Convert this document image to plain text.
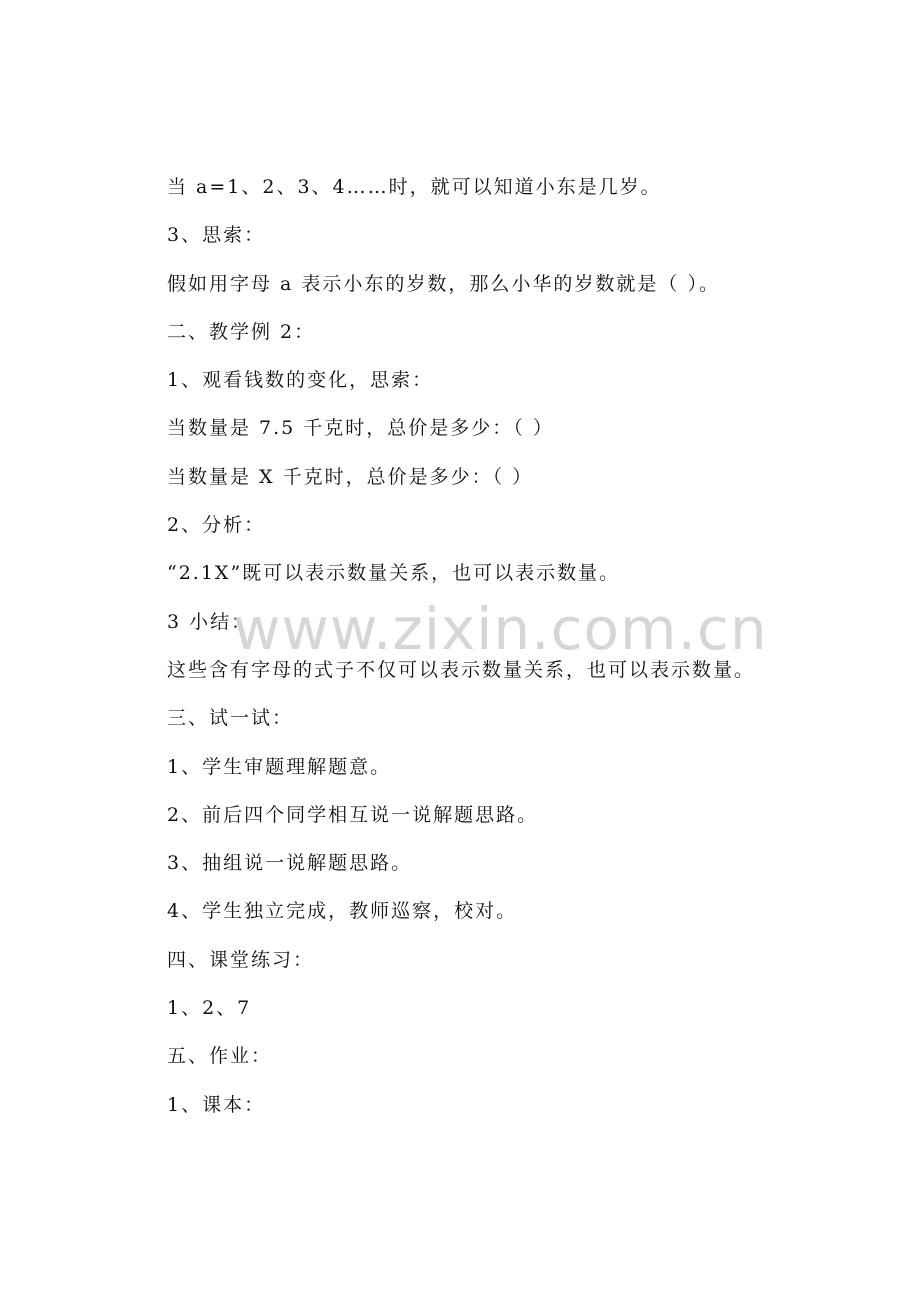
当 a=1、2、3、4……时，就可以知道小东是几岁。
3、思索：
假如用字母 a 表示小东的岁数，那么小华的岁数就是（ ）。
二、教学例 2：
1、观看钱数的变化，思索：
当数量是 7.5 千克时，总价是多少：（ ）
当数量是 X 千克时，总价是多少：（ ）
2、分析：
“2.1X”既可以表示数量关系，也可以表示数量。
3 小结：
这些含有字母的式子不仅可以表示数量关系，也可以表示数量。
三、试一试：
1、学生审题理解题意。
2、前后四个同学相互说一说解题思路。
3、抽组说一说解题思路。
4、学生独立完成，教师巡察，校对。
四、课堂练习：
1、2、7
五、作业：
1、课本：
www.zixin.com.cn
